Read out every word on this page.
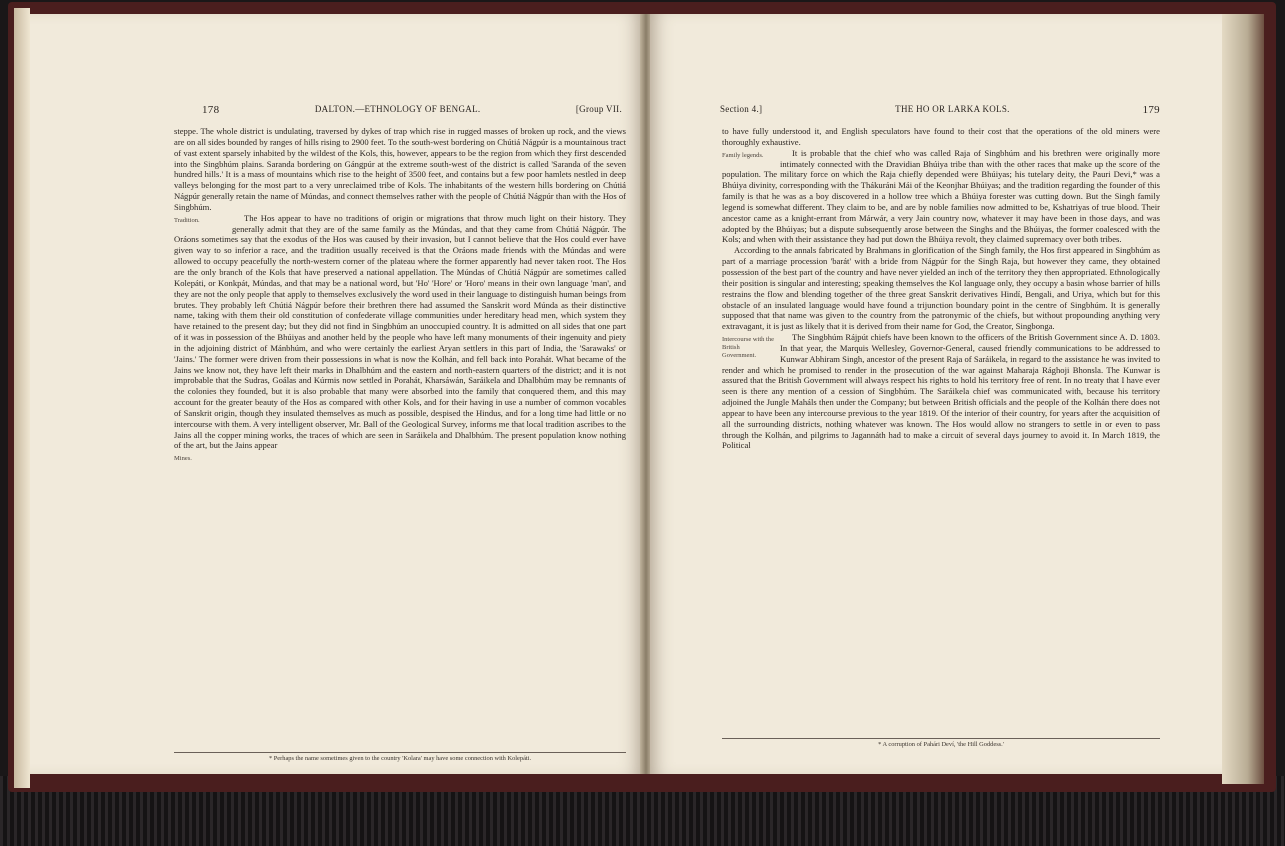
178	DALTON.—ETHNOLOGY OF BENGAL.	[Group VII.

steppe. The whole district is undulating, traversed by dykes of trap which rise in rugged masses of broken up rock, and the views are on all sides bounded by ranges of hills rising to 2900 feet. To the south-west bordering on Chútiá Nágpúr is a mountainous tract of vast extent sparsely inhabited by the wildest of the Kols, this, however, appears to be the region from which they first descended into the Singbhúm plains. Saranda bordering on Gángpúr at the extreme south-west of the district is called 'Saranda of the seven hundred hills.' It is a mass of mountains which rise to the height of 3500 feet, and contains but a few poor hamlets nestled in deep valleys belonging for the most part to a very unreclaimed tribe of Kols. The inhabitants of the western hills bordering on Chútiá Nágpúr generally retain the name of Múndas, and connect themselves rather with the people of Chútiá Nágpúr than with the Hos of Singbhúm.

Tradition.	The Hos appear to have no traditions of origin or migrations that throw much light on their history. They generally admit that they are of the same family as the Múndas, and that they came from Chútiá Nágpúr. The Oráons sometimes say that the exodus of the Hos was caused by their invasion, but I cannot believe that the Hos could ever have given way to so inferior a race, and the tradition usually received is that the Oráons made friends with the Múndas and were allowed to occupy peacefully the north-western corner of the plateau where the former apparently had never taken root. The Hos are the only branch of the Kols that have preserved a national appellation. The Múndas of Chútiá Nágpúr are sometimes called Kolepáti, or Konkpát, Múndas, and that may be a national word, but 'Ho' 'Hore' or 'Horo' means in their own language 'man', and they are not the only people that apply to themselves exclusively the word used in their language to distinguish human beings from brutes. They probably left Chútiá Nágpúr before their brethren there had assumed the Sanskrit word Múnda as their distinctive name, taking with them their old constitution of confederate village communities under hereditary head men, which system they have retained to the present day; but they did not find in Singbhúm an unoccupied country. It is admitted on all sides that one part of it was in possession of the Bhúiyas and another held by the people who have left many monuments of their ingenuity and piety in the adjoining district of Mánbhúm, and who were certainly the earliest Aryan settlers in this part of India, the 'Sarawaks' or 'Jains.' The former were driven from their possessions in what is now the Kolhán, and fell back into Porahát. What became of the Jains we know not, they have left their marks in Dhalbhúm and the eastern and north-eastern quarters of the district; and it is not improbable that the Sudras, Goálas and Kúrmis now settled in Porahát, Kharsáwán, Saráikela and Dhalbhúm may be remnants of the colonies they founded, but it is also probable that many were absorbed into the family that conquered them, and this may account for the greater beauty of the Hos as compared with other Kols, and for their having in use a number of common vocables of Sanskrit origin, though they insulated themselves as much as possible, despised the Hindus, and for a long time had little or no intercourse with them. A very intelligent observer, Mr. Ball of the Geological Survey, informs me that local tradition ascribes to the Jains all the copper mining works, the traces of which are seen in Saráikela and Dhalbhúm. The present population know nothing of the art, but the Jains appear

Mines.

* Perhaps the name sometimes given to the country 'Kolara' may have some connection with Kolepáti.
Section 4.]	THE HO OR LARKA KOLS.	179

to have fully understood it, and English speculators have found to their cost that the operations of the old miners were thoroughly exhaustive.

Family legends.	It is probable that the chief who was called Raja of Singbhúm and his brethren were originally more intimately connected with the Dravidian Bhúiya tribe than with the other races that make up the score of the population. The military force on which the Raja chiefly depended were Bhúiyas; his tutelary deity, the Pauri Devi,* was a Bhúiya divinity, corresponding with the Thákuráni Mái of the Keonjhar Bhúiyas; and the tradition regarding the founder of this family is that he was as a boy discovered in a hollow tree which a Bhúiya forester was cutting down. But the Singh family legend is somewhat different. They claim to be, and are by noble families now admitted to be, Kshatriyas of true blood. Their ancestor came as a knight-errant from Márwár, a very Jain country now, whatever it may have been in those days, and was adopted by the Bhúiyas; but a dispute subsequently arose between the Singhs and the Bhúiyas, the former coalesced with the Kols; and when with their assistance they had put down the Bhúiya revolt, they claimed supremacy over both tribes.

According to the annals fabricated by Brahmans in glorification of the Singh family, the Hos first appeared in Singbhúm as part of a marriage procession 'barát' with a bride from Nágpúr for the Singh Raja, but however they came, they obtained possession of the best part of the country and have never yielded an inch of the territory they then appropriated. Ethnologically their position is singular and interesting; speaking themselves the Kol language only, they occupy a basin whose barrier of hills restrains the flow and blending together of the three great Sanskrit derivatives Hindí, Bengali, and Uriya, which but for this obstacle of an insulated language would have found a trijunction boundary point in the centre of Singbhúm. It is generally supposed that that name was given to the country from the patronymic of the chiefs, but without propounding anything very extravagant, it is just as likely that it is derived from their name for God, the Creator, Singbonga.

Intercourse with the British Government.
The Singbhúm Rájpút chiefs have been known to the officers of the British Government since A. D. 1803. In that year, the Marquis Wellesley, Governor-General, caused friendly communications to be addressed to Kunwar Abhiram Singh, ancestor of the present Raja of Saráikela, in regard to the assistance he was invited to render and which he promised to render in the prosecution of the war against Maharaja Rághoji Bhonsla. The Kunwar is assured that the British Government will always respect his rights to hold his territory free of rent. In no treaty that I have ever seen is there any mention of a cession of Singbhúm. The Saráikela chief was communicated with, because his territory adjoined the Jungle Maháls then under the Company; but between British officials and the people of the Kolhán there does not appear to have been any intercourse previous to the year 1819. Of the interior of their country, for years after the acquisition of all the surrounding districts, nothing whatever was known. The Hos would allow no strangers to settle in or even to pass through the Kolhán, and pilgrims to Jagannáth had to make a circuit of several days journey to avoid it. In March 1819, the Political

* A corruption of Pahári Deví, 'the Hill Goddess.'
